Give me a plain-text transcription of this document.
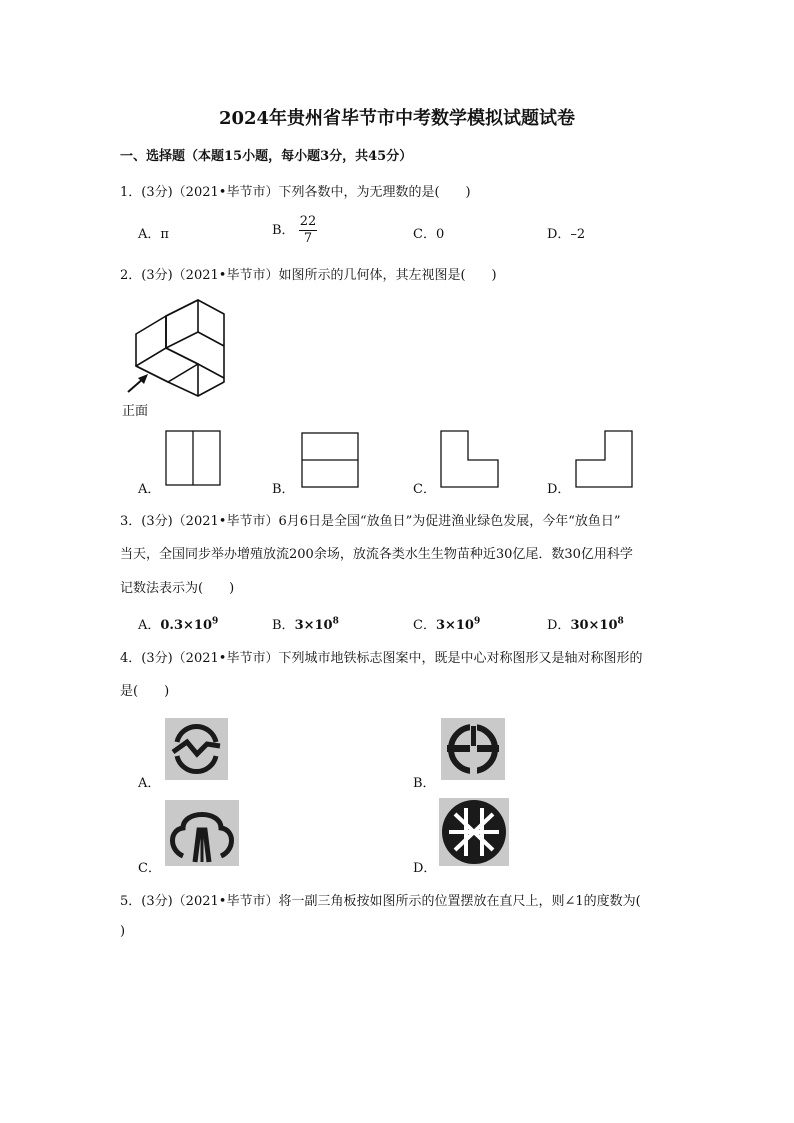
2024年贵州省毕节市中考数学模拟试题试卷
一、选择题（本题15小题，每小题3分，共45分）
1．(3分)（2021•毕节市）下列各数中，为无理数的是(　　)
A．π	B． $\frac{22}{7}$	C．0	D．–2
2．(3分)（2021•毕节市）如图所示的几何体，其左视图是(　　)
正面
A．	B．	C．	D．
3．(3分)（2021•毕节市）6月6日是全国“放鱼日”为促进渔业绿色发展，今年“放鱼日”
当天，全国同步举办增殖放流200余场，放流各类水生生物苗种近30亿尾．数30亿用科学
记数法表示为(　　)
A．$0.3\times 10^9$	B．$3\times 10^8$	C．$3\times 10^9$	D．$30\times 10^8$
4．(3分)（2021•毕节市）下列城市地铁标志图案中，既是中心对称图形又是轴对称图形的
是(　　)
A．	B．
C．	D．
5．(3分)（2021•毕节市）将一副三角板按如图所示的位置摆放在直尺上，则∠1的度数为(
)
